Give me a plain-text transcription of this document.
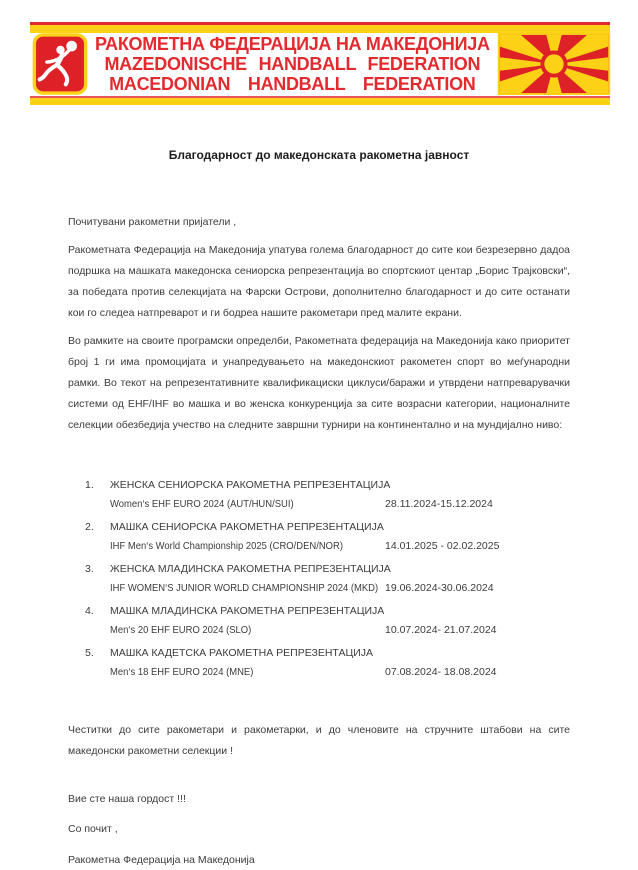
РАКОМЕТНА ФЕДЕРАЦИЈА НА МАКЕДОНИЈА
MAZEDONISCHE HANDBALL FEDERATION
MACEDONIAN HANDBALL FEDERATION
Благодарност до македонската ракометна јавност

Почитувани ракометни пријатели ,

Ракометната Федерација на Македонија упатува голема благодарност до сите кои безрезервно дадоа подршка на машката македонска сениорска репрезентација во спортскиот центар „Борис Трајковски“, за победата против селекцијата на Фарски Острови, дополнително благодарност и до сите останати кои го следеа натпреварот и ги бодреа нашите ракометари пред малите екрани.

Во рамките на своите програмски определби, Ракометната федерација на Македонија како приоритет број 1 ги има промоцијата и унапредувањето на македонскиот ракометен спорт во меѓународни рамки. Во текот на репрезентативните квалификациски циклуси/баражи и утврдени натпреварувачки системи од EHF/IHF во машка и во женска конкуренција за сите возрасни категории, националните селекции обезбедија учество на следните завршни турнири на континентално и на мундијално ниво:

1.	ЖЕНСКА СЕНИОРСКА РАКОМЕТНА РЕПРЕЗЕНТАЦИЈА
Women‘s EHF EURO 2024 (AUT/HUN/SUI)	28.11.2024-15.12.2024
2.	МАШКА СЕНИОРСКА РАКОМЕТНА РЕПРЕЗЕНТАЦИЈА
IHF Men‘s World Championship 2025 (CRO/DEN/NOR)	14.01.2025 - 02.02.2025
3.	ЖЕНСКА МЛАДИНСКА РАКОМЕТНА РЕПРЕЗЕНТАЦИЈА
IHF WOMEN‘S JUNIOR WORLD CHAMPIONSHIP 2024 (MKD) 19.06.2024-30.06.2024
4.	МАШКА МЛАДИНСКА РАКОМЕТНА РЕПРЕЗЕНТАЦИЈА
Men‘s 20 EHF EURO 2024 (SLO)	10.07.2024- 21.07.2024
5.	МАШКА КАДЕТСКА РАКОМЕТНА РЕПРЕЗЕНТАЦИЈА
Men‘s 18 EHF EURO 2024 (MNE)	07.08.2024- 18.08.2024

Честитки до сите ракометари и ракометарки, и до членовите на стручните штабови на сите македонски ракометни селекции !

Вие сте наша гордост !!!

Со почит ,

Ракометна Федерација на Македонија
